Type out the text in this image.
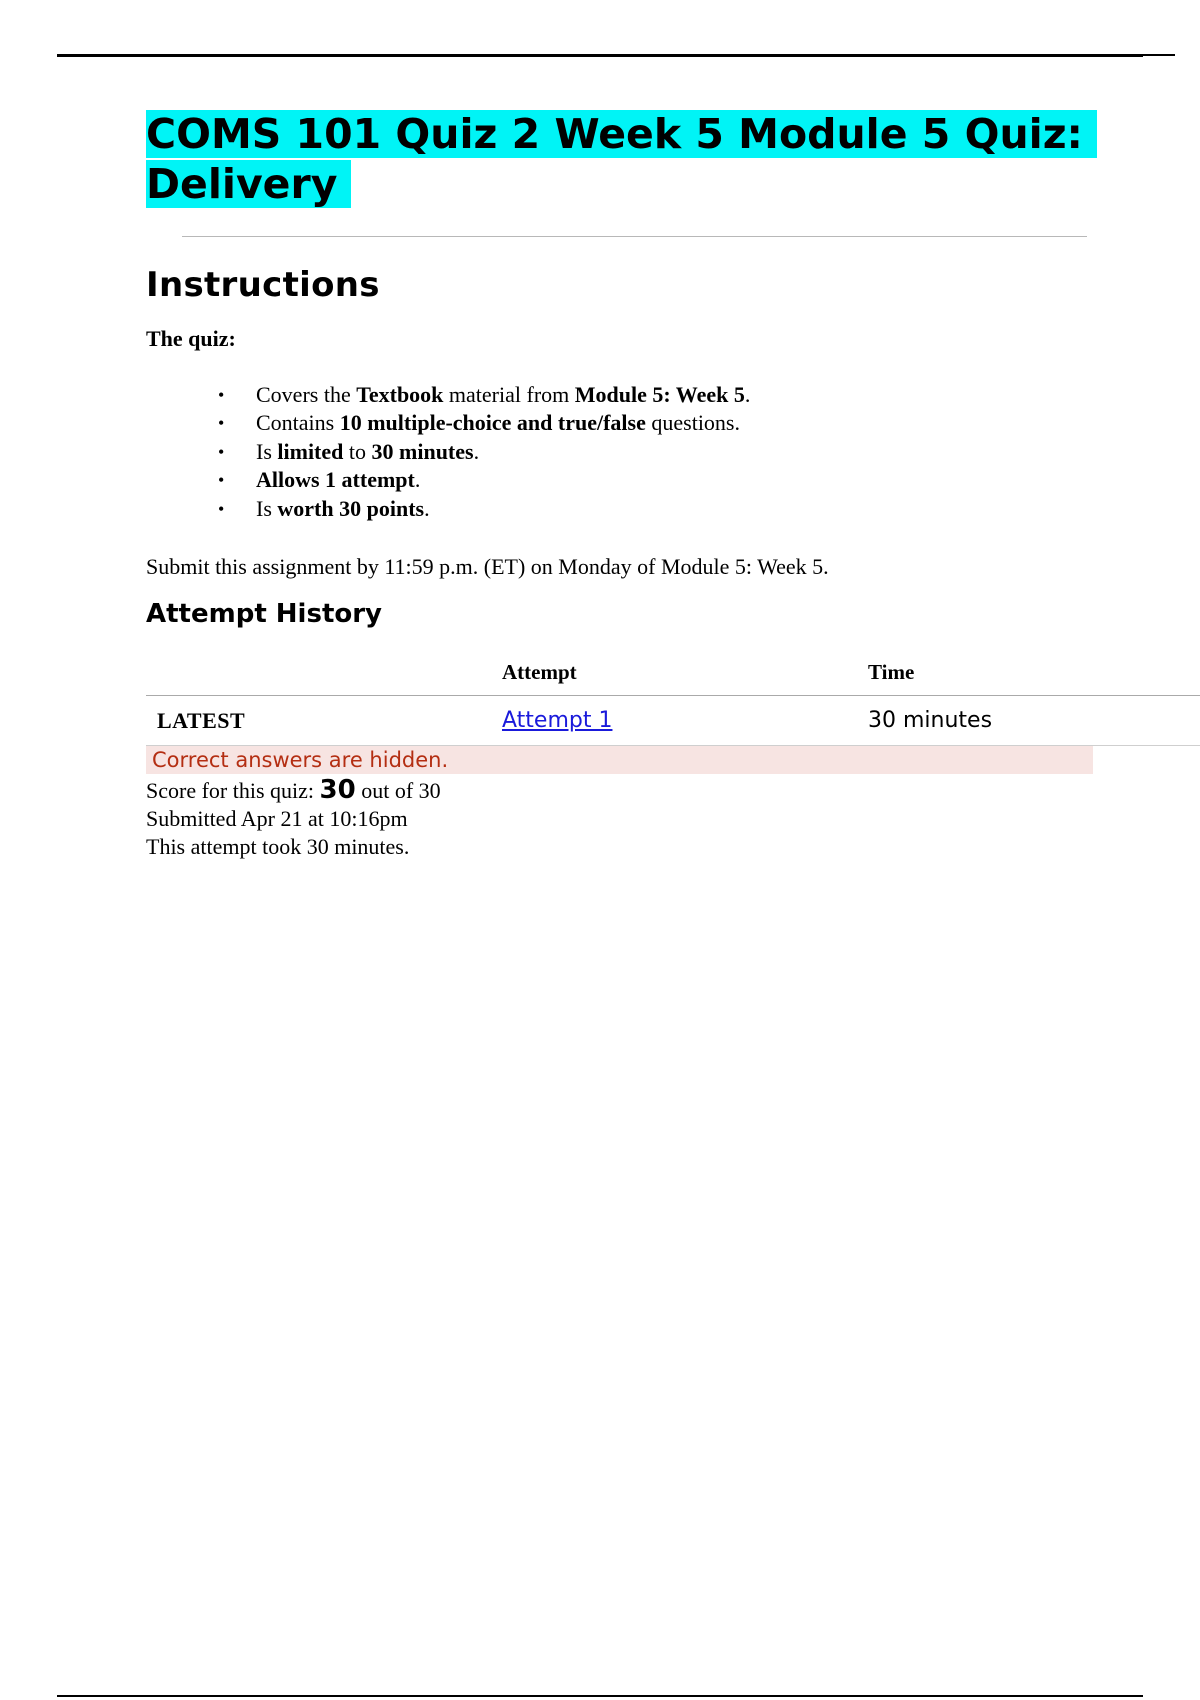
COMS 101 Quiz 2 Week 5 Module 5 Quiz: Delivery
Instructions

The quiz:

• Covers the Textbook material from Module 5: Week 5.
• Contains 10 multiple-choice and true/false questions.
• Is limited to 30 minutes.
• Allows 1 attempt.
• Is worth 30 points.

Submit this assignment by 11:59 p.m. (ET) on Monday of Module 5: Week 5.

Attempt History
	Attempt	Time
LATEST	Attempt 1	30 minutes
Correct answers are hidden.
Score for this quiz: 30 out of 30
Submitted Apr 21 at 10:16pm
This attempt took 30 minutes.
